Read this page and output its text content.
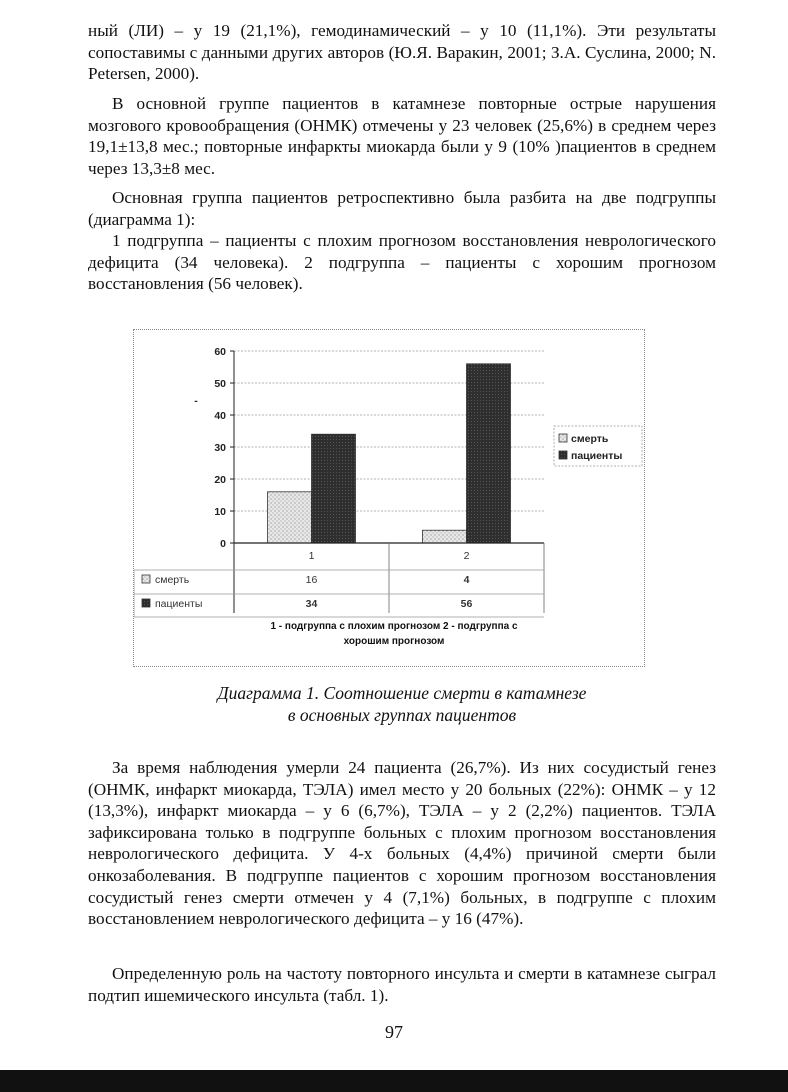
ный (ЛИ) – у 19 (21,1%), гемодинамический – у 10 (11,1%). Эти результаты сопоставимы с данными других авторов (Ю.Я. Варакин, 2001; З.А. Суслина, 2000; N. Petersen, 2000).

В основной группе пациентов в катамнезе повторные острые нарушения мозгового кровообращения (ОНМК) отмечены у 23 человек (25,6%) в среднем через 19,1±13,8 мес.; повторные инфаркты миокарда были у 9 (10% )пациентов в среднем через 13,3±8 мес.

Основная группа пациентов ретроспективно была разбита на две подгруппы (диаграмма 1):

1 подгруппа – пациенты с плохим прогнозом восстановления неврологического дефицита (34 человека). 2 подгруппа – пациенты с хорошим прогнозом восстановления (56 человек).

0
10
20
30
40
50
60
-
1	2
смерть
пациенты
смерть	16	4
пациенты	34	56
1 - подгруппа с плохим прогнозом 2 - подгруппа с
хорошим прогнозом
Диаграмма 1. Соотношение смерти в катамнезе
в основных группах пациентов

За время наблюдения умерли 24 пациента (26,7%). Из них сосудистый генез (ОНМК, инфаркт миокарда, ТЭЛА) имел место у 20 больных (22%): ОНМК – у 12 (13,3%), инфаркт миокарда – у 6 (6,7%), ТЭЛА – у 2 (2,2%) пациентов. ТЭЛА зафиксирована только в подгруппе больных с плохим прогнозом восстановления неврологического дефицита. У 4-х больных (4,4%) причиной смерти были онкозаболевания. В подгруппе пациентов с хорошим прогнозом восстановления сосудистый генез смерти отмечен у 4 (7,1%) больных, в подгруппе с плохим восстановлением неврологического дефицита – у 16 (47%).

Определенную роль на частоту повторного инсульта и смерти в катамнезе сыграл подтип ишемического инсульта (табл. 1).

97
